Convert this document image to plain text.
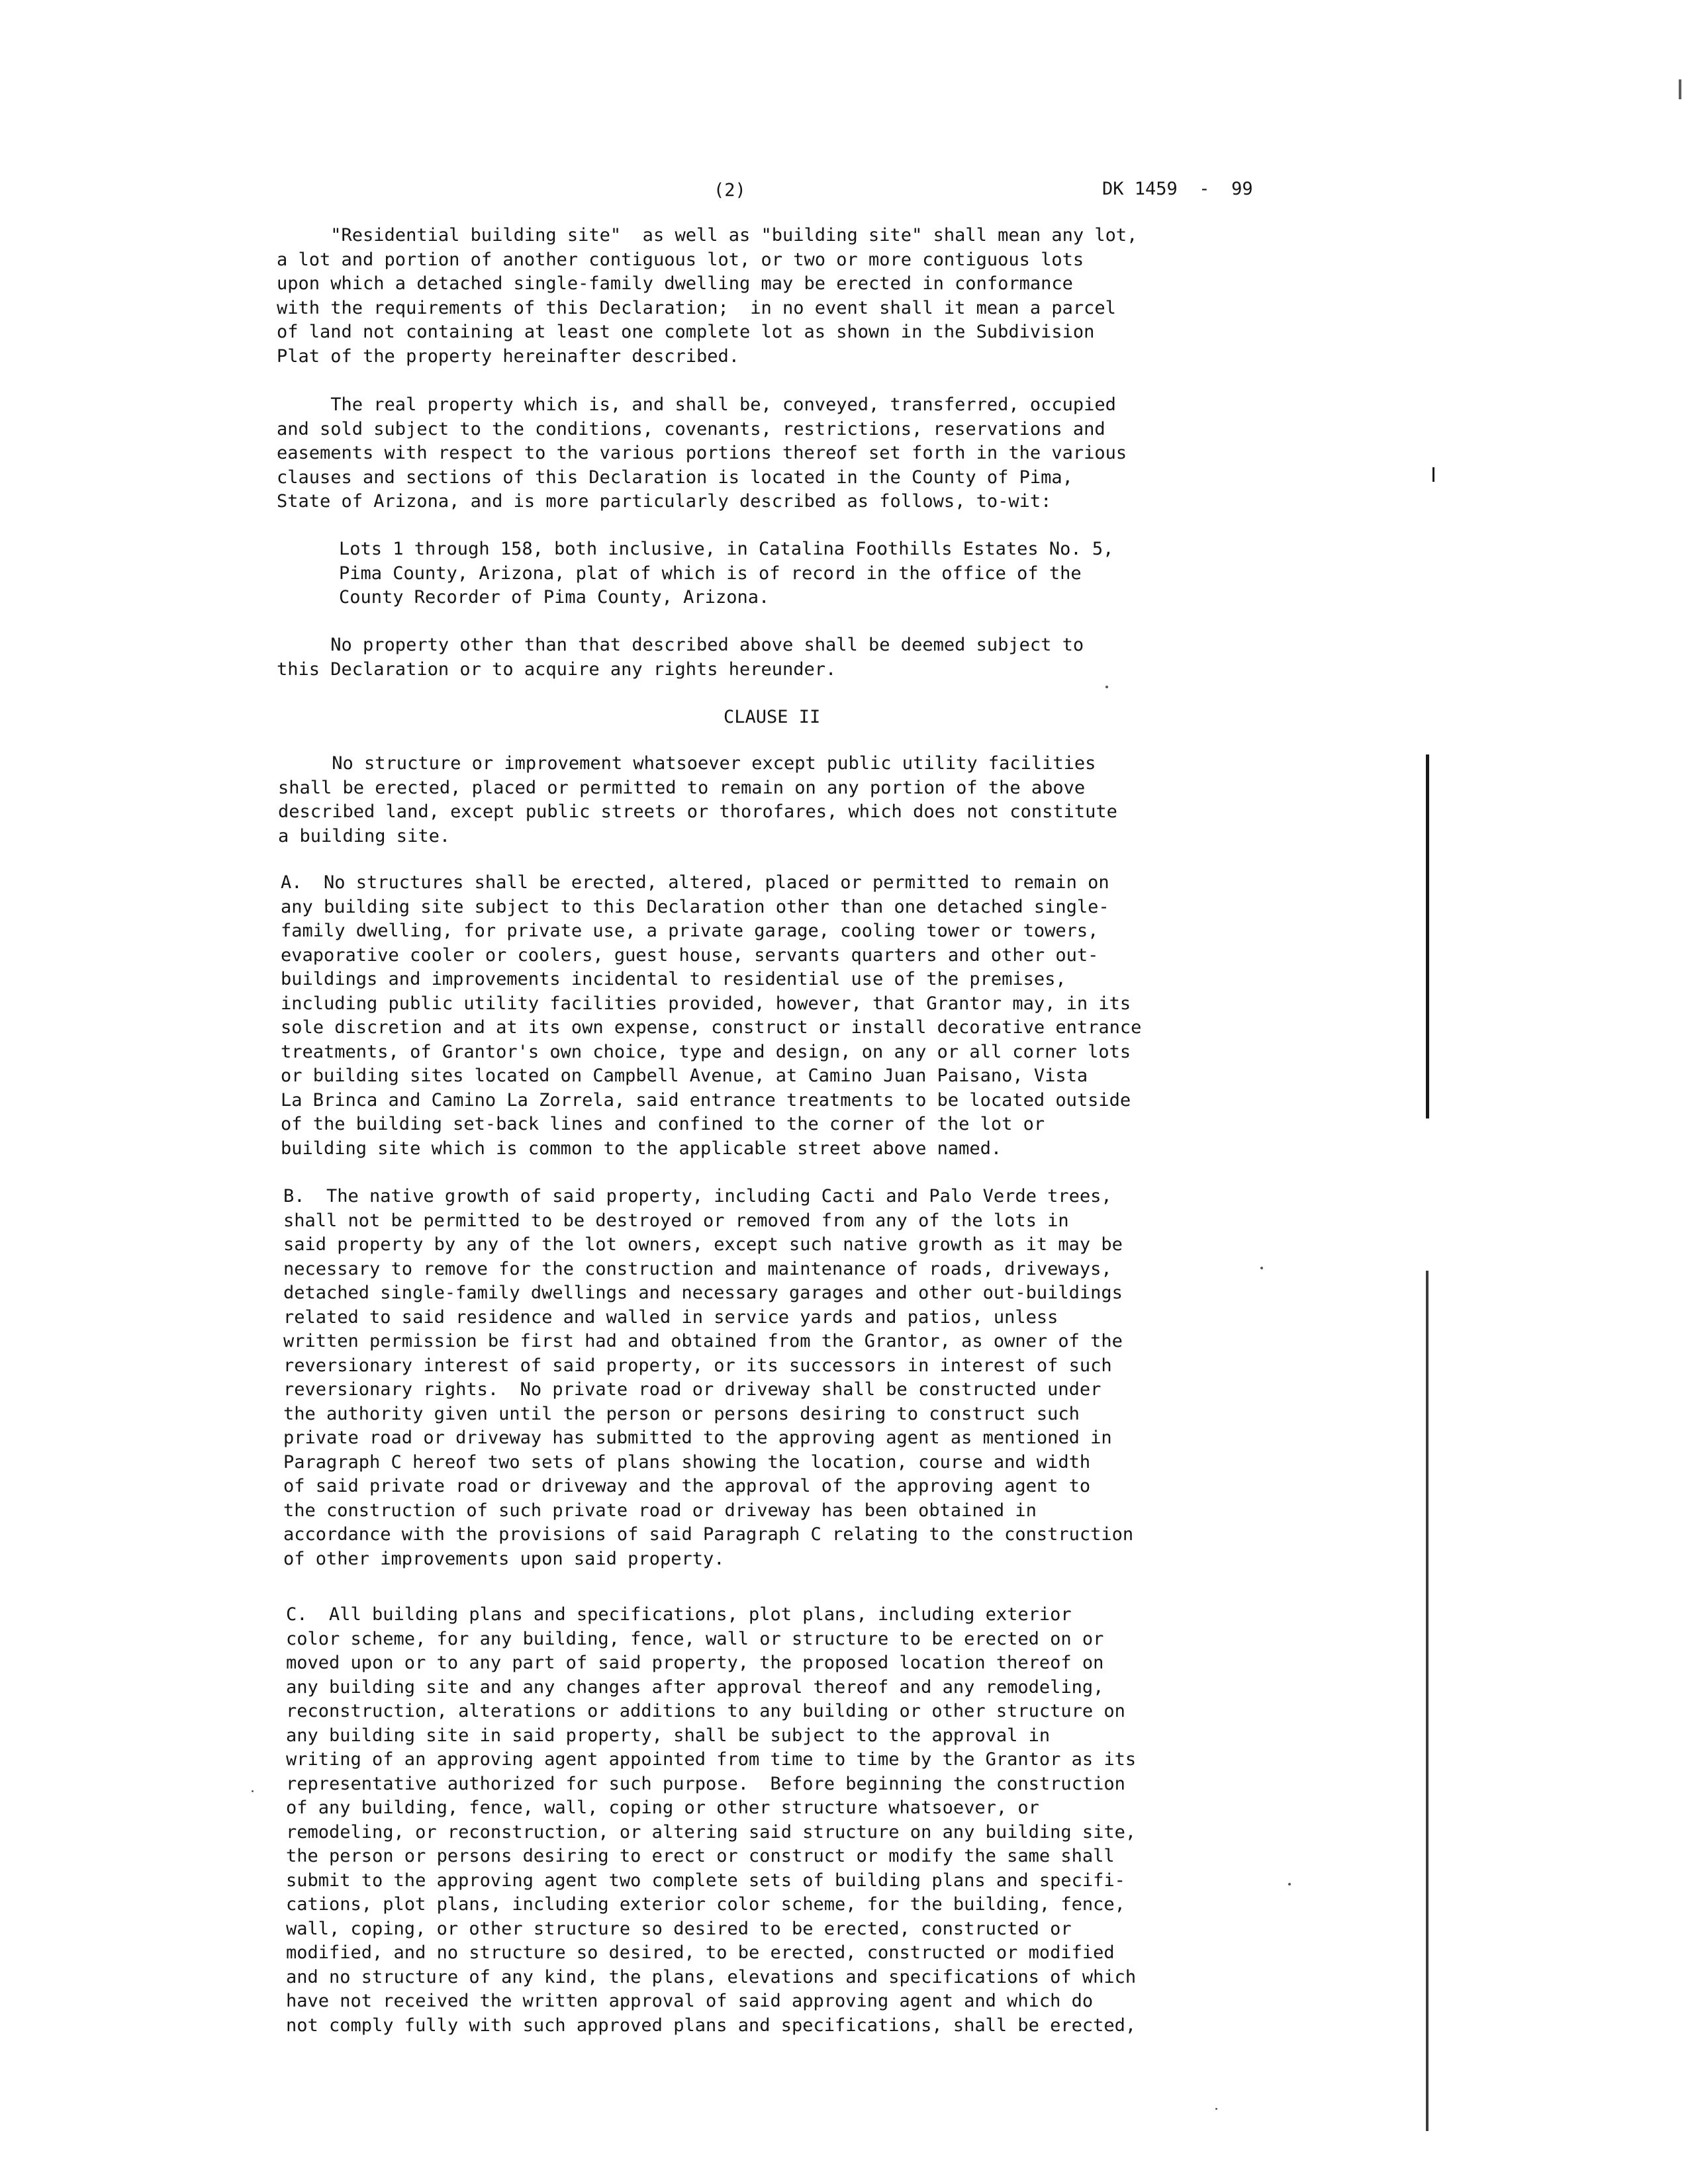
(2)	DK 1459  -  99
"Residential building site"  as well as "building site" shall mean any lot,
a lot and portion of another contiguous lot, or two or more contiguous lots
upon which a detached single-family dwelling may be erected in conformance
with the requirements of this Declaration;  in no event shall it mean a parcel
of land not containing at least one complete lot as shown in the Subdivision
Plat of the property hereinafter described.
The real property which is, and shall be, conveyed, transferred, occupied
and sold subject to the conditions, covenants, restrictions, reservations and
easements with respect to the various portions thereof set forth in the various
clauses and sections of this Declaration is located in the County of Pima,
State of Arizona, and is more particularly described as follows, to-wit:
Lots 1 through 158, both inclusive, in Catalina Foothills Estates No. 5,
Pima County, Arizona, plat of which is of record in the office of the
County Recorder of Pima County, Arizona.
No property other than that described above shall be deemed subject to
this Declaration or to acquire any rights hereunder.
CLAUSE II
No structure or improvement whatsoever except public utility facilities
shall be erected, placed or permitted to remain on any portion of the above
described land, except public streets or thorofares, which does not constitute
a building site.
A.  No structures shall be erected, altered, placed or permitted to remain on
any building site subject to this Declaration other than one detached single-
family dwelling, for private use, a private garage, cooling tower or towers,
evaporative cooler or coolers, guest house, servants quarters and other out-
buildings and improvements incidental to residential use of the premises,
including public utility facilities provided, however, that Grantor may, in its
sole discretion and at its own expense, construct or install decorative entrance
treatments, of Grantor's own choice, type and design, on any or all corner lots
or building sites located on Campbell Avenue, at Camino Juan Paisano, Vista
La Brinca and Camino La Zorrela, said entrance treatments to be located outside
of the building set-back lines and confined to the corner of the lot or
building site which is common to the applicable street above named.
B.  The native growth of said property, including Cacti and Palo Verde trees,
shall not be permitted to be destroyed or removed from any of the lots in
said property by any of the lot owners, except such native growth as it may be
necessary to remove for the construction and maintenance of roads, driveways,
detached single-family dwellings and necessary garages and other out-buildings
related to said residence and walled in service yards and patios, unless
written permission be first had and obtained from the Grantor, as owner of the
reversionary interest of said property, or its successors in interest of such
reversionary rights.  No private road or driveway shall be constructed under
the authority given until the person or persons desiring to construct such
private road or driveway has submitted to the approving agent as mentioned in
Paragraph C hereof two sets of plans showing the location, course and width
of said private road or driveway and the approval of the approving agent to
the construction of such private road or driveway has been obtained in
accordance with the provisions of said Paragraph C relating to the construction
of other improvements upon said property.
C.  All building plans and specifications, plot plans, including exterior
color scheme, for any building, fence, wall or structure to be erected on or
moved upon or to any part of said property, the proposed location thereof on
any building site and any changes after approval thereof and any remodeling,
reconstruction, alterations or additions to any building or other structure on
any building site in said property, shall be subject to the approval in
writing of an approving agent appointed from time to time by the Grantor as its
representative authorized for such purpose.  Before beginning the construction
of any building, fence, wall, coping or other structure whatsoever, or
remodeling, or reconstruction, or altering said structure on any building site,
the person or persons desiring to erect or construct or modify the same shall
submit to the approving agent two complete sets of building plans and specifi-
cations, plot plans, including exterior color scheme, for the building, fence,
wall, coping, or other structure so desired to be erected, constructed or
modified, and no structure so desired, to be erected, constructed or modified
and no structure of any kind, the plans, elevations and specifications of which
have not received the written approval of said approving agent and which do
not comply fully with such approved plans and specifications, shall be erected,
